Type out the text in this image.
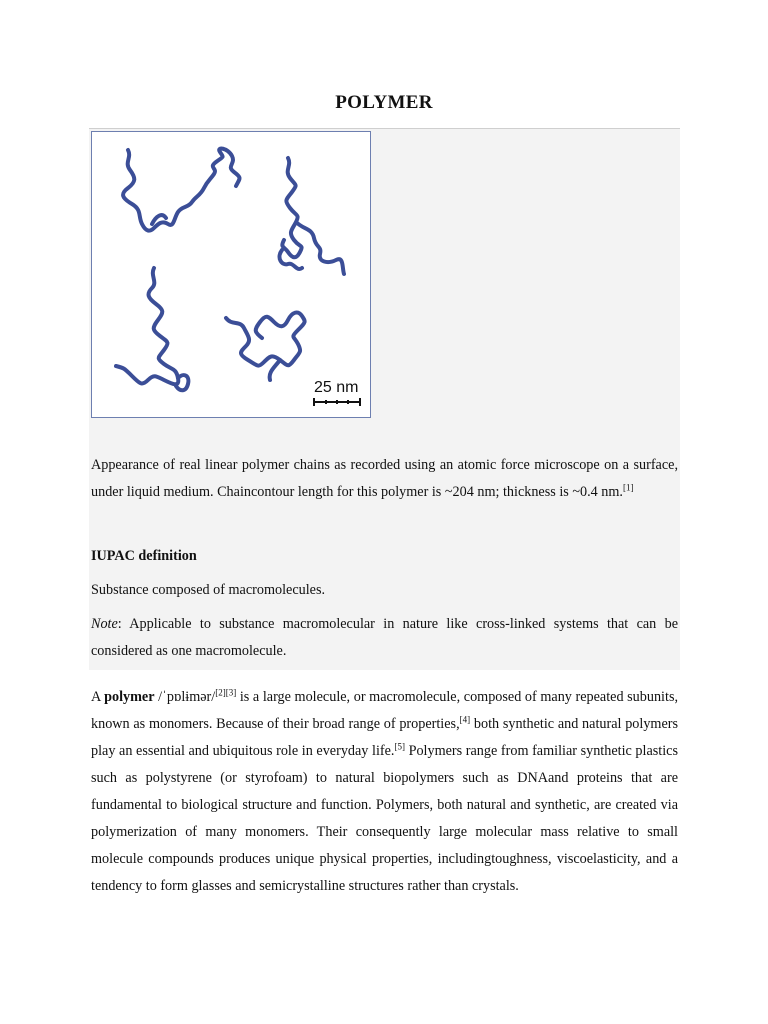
POLYMER
25 nm
Appearance of real linear polymer chains as recorded using an atomic force microscope on a surface, under liquid medium. Chaincontour length for this polymer is ~204 nm; thickness is ~0.4 nm.[1]
IUPAC definition
Substance composed of macromolecules.
Note: Applicable to substance macromolecular in nature like cross-linked systems that can be considered as one macromolecule.
A polymer /ˈpɒlɨmər/[2][3] is a large molecule, or macromolecule, composed of many repeated subunits, known as monomers. Because of their broad range of properties,[4] both synthetic and natural polymers play an essential and ubiquitous role in everyday life.[5] Polymers range from familiar synthetic plastics such as polystyrene (or styrofoam) to natural biopolymers such as DNAand proteins that are fundamental to biological structure and function. Polymers, both natural and synthetic, are created via polymerization of many monomers. Their consequently large molecular mass relative to small molecule compounds produces unique physical properties, includingtoughness, viscoelasticity, and a tendency to form glasses and semicrystalline structures rather than crystals.
